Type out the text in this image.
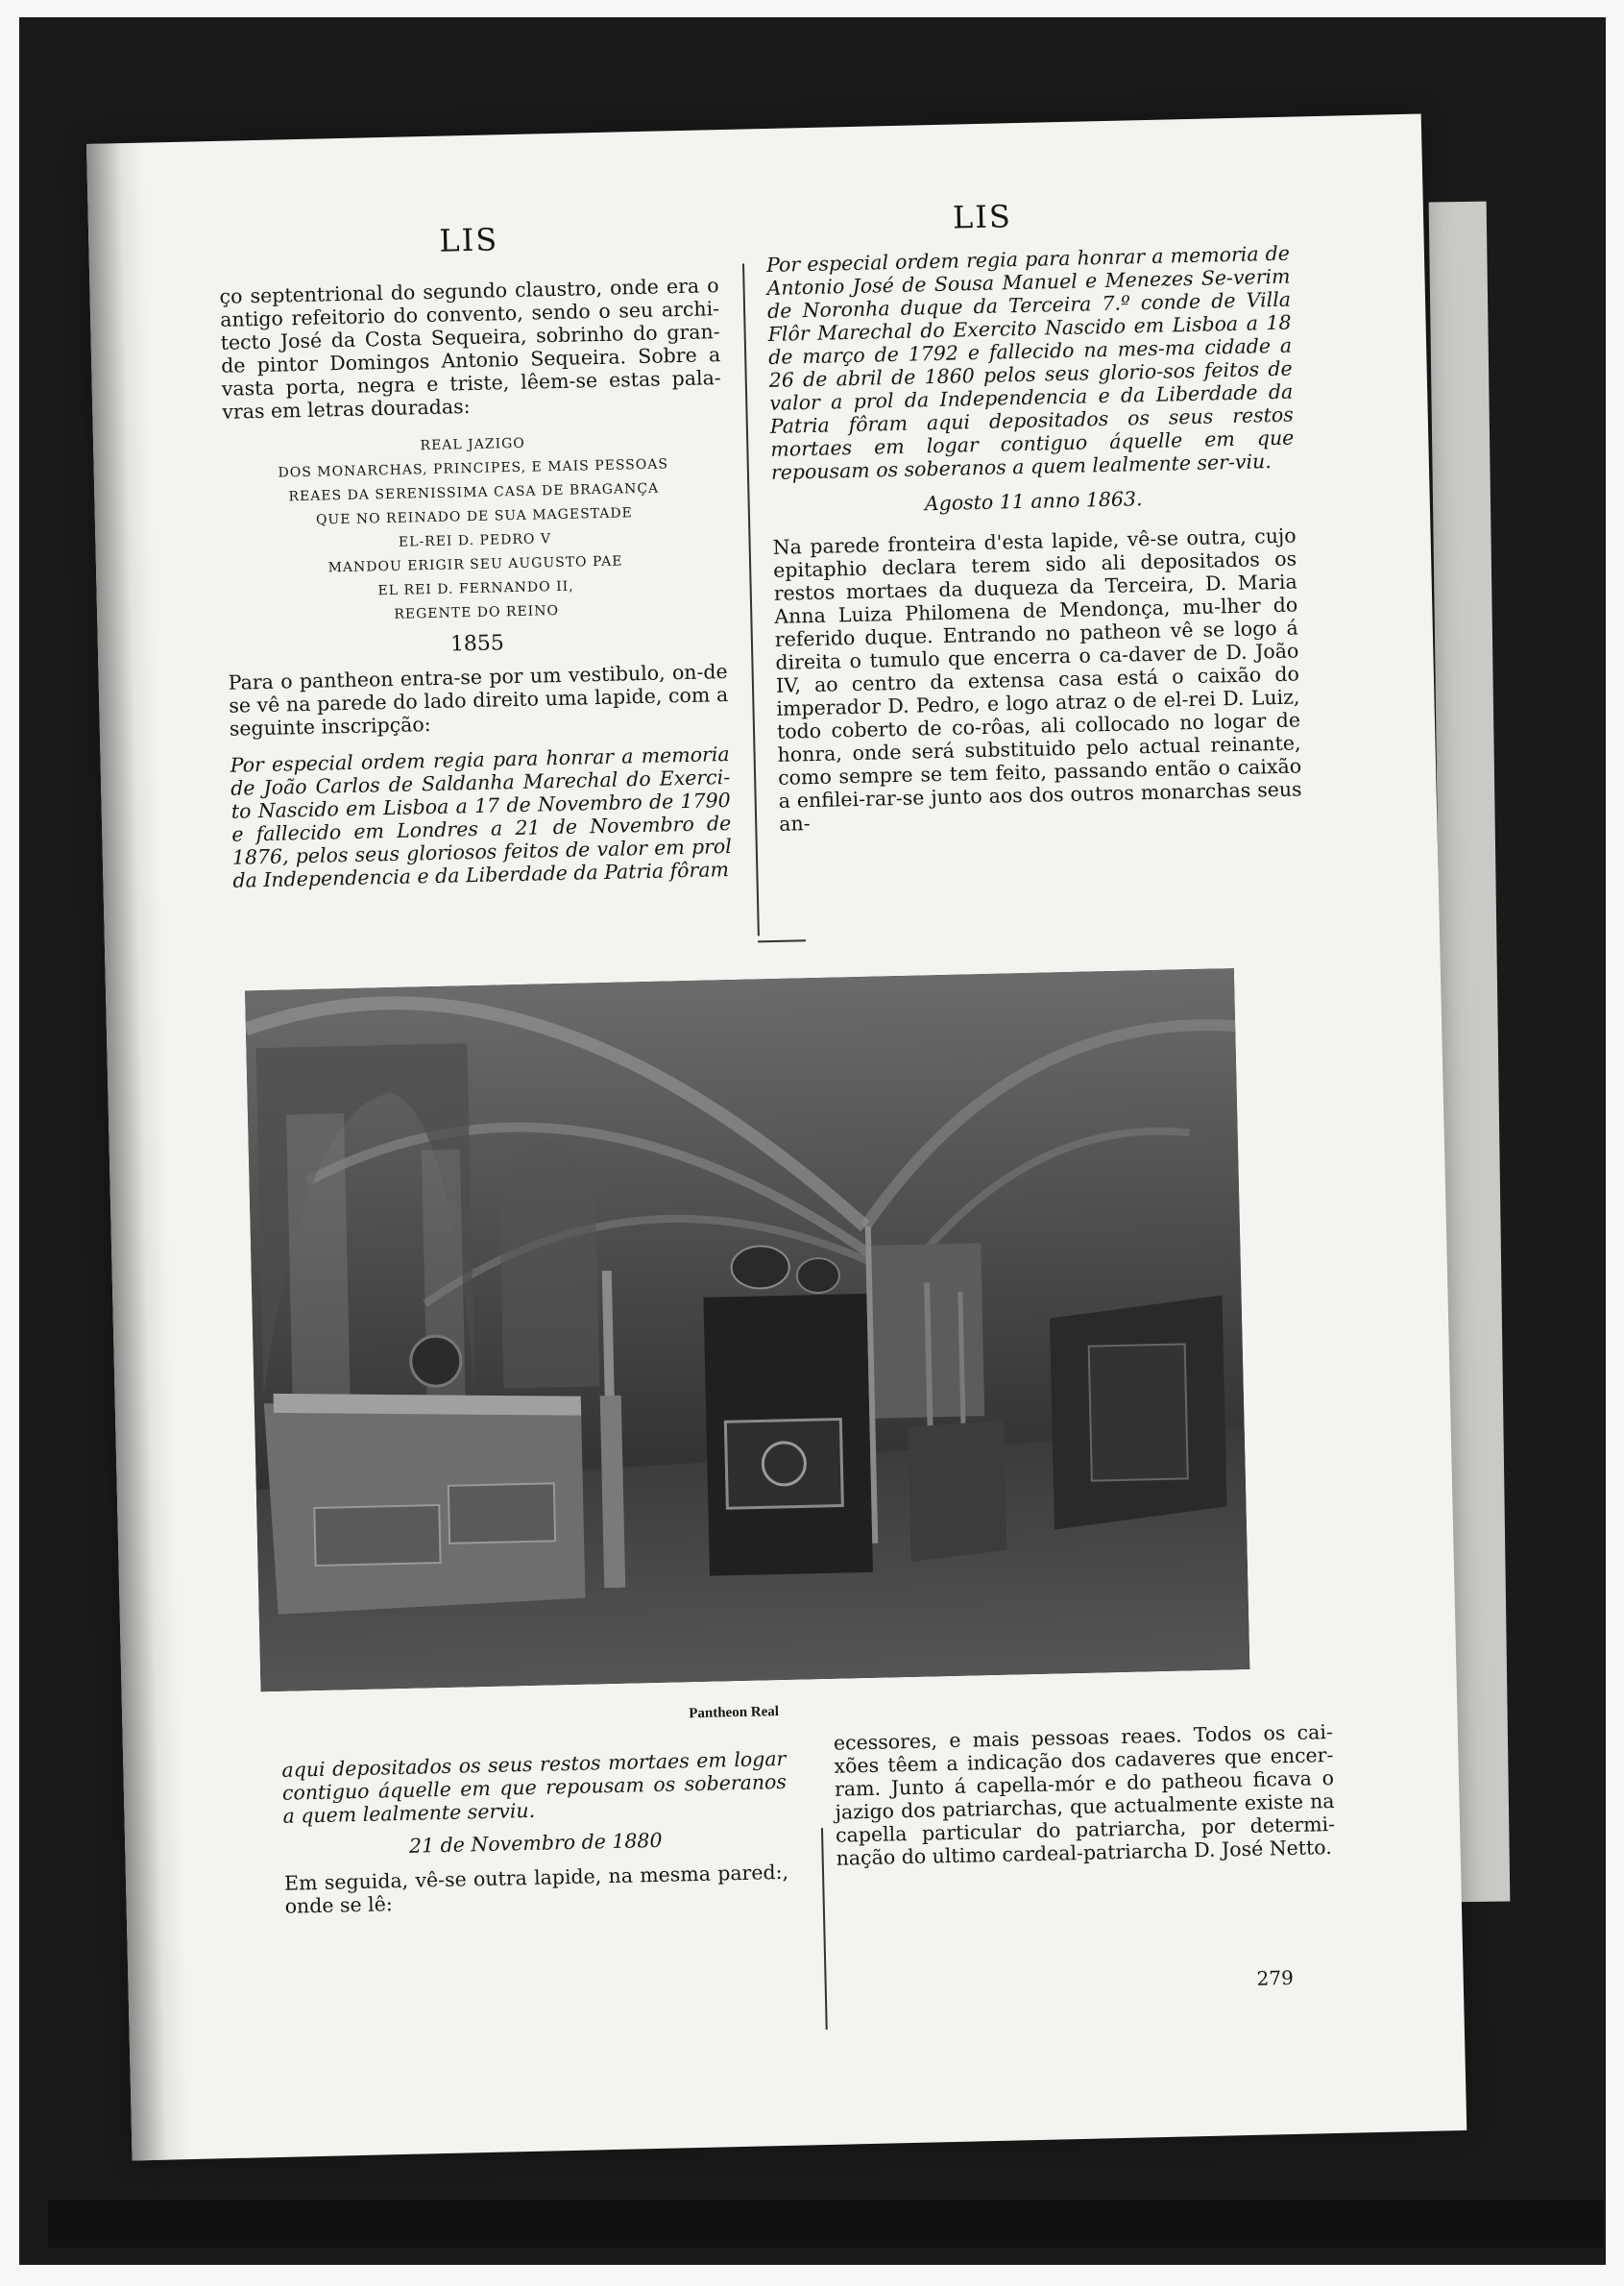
LIS
LIS

ço septentrional do segundo claustro, onde era o antigo refeitorio do convento, sendo o seu archi-tecto José da Costa Sequeira, sobrinho do gran-de pintor Domingos Antonio Sequeira. Sobre a vasta porta, negra e triste, lêem-se estas pala-vras em letras douradas:

REAL JAZIGO
DOS MONARCHAS, PRINCIPES, E MAIS PESSOAS
REAES DA SERENISSIMA CASA DE BRAGANÇA
QUE NO REINADO DE SUA MAGESTADE
EL-REI D. PEDRO V
MANDOU ERIGIR SEU AUGUSTO PAE
EL REI D. FERNANDO II,
REGENTE DO REINO
1855

Para o pantheon entra-se por um vestibulo, on-de se vê na parede do lado direito uma lapide, com a seguinte inscripção:

Por especial ordem regia para honrar a memoria de João Carlos de Saldanha Marechal do Exerci-to Nascido em Lisboa a 17 de Novembro de 1790 e fallecido em Londres a 21 de Novembro de 1876, pelos seus gloriosos feitos de valor em prol da Independencia e da Liberdade da Patria fôram

Por especial ordem regia para honrar a memoria de Antonio José de Sousa Manuel e Menezes Se-verim de Noronha duque da Terceira 7.º conde de Villa Flôr Marechal do Exercito Nascido em Lisboa a 18 de março de 1792 e fallecido na mes-ma cidade a 26 de abril de 1860 pelos seus glorio-sos feitos de valor a prol da Independencia e da Liberdade da Patria fôram aqui depositados os seus restos mortaes em logar contiguo áquelle em que repousam os soberanos a quem lealmente ser-viu.

Agosto 11 anno 1863.

Na parede fronteira d'esta lapide, vê-se outra, cujo epitaphio declara terem sido ali depositados os restos mortaes da duqueza da Terceira, D. Maria Anna Luiza Philomena de Mendonça, mu-lher do referido duque. Entrando no patheon vê se logo á direita o tumulo que encerra o ca-daver de D. João IV, ao centro da extensa casa está o caixão do imperador D. Pedro, e logo atraz o de el-rei D. Luiz, todo coberto de co-rôas, ali collocado no logar de honra, onde será substituido pelo actual reinante, como sempre se tem feito, passando então o caixão a enfilei-rar-se junto aos dos outros monarchas seus an-

Pantheon Real

aqui depositados os seus restos mortaes em logar contiguo áquelle em que repousam os soberanos a quem lealmente serviu.

21 de Novembro de 1880

Em seguida, vê-se outra lapide, na mesma pared:, onde se lê:

ecessores, e mais pessoas reaes. Todos os cai-xões têem a indicação dos cadaveres que encer-ram. Junto á capella-mór e do patheou ficava o jazigo dos patriarchas, que actualmente existe na capella particular do patriarcha, por determi-nação do ultimo cardeal-patriarcha D. José Netto.

279
